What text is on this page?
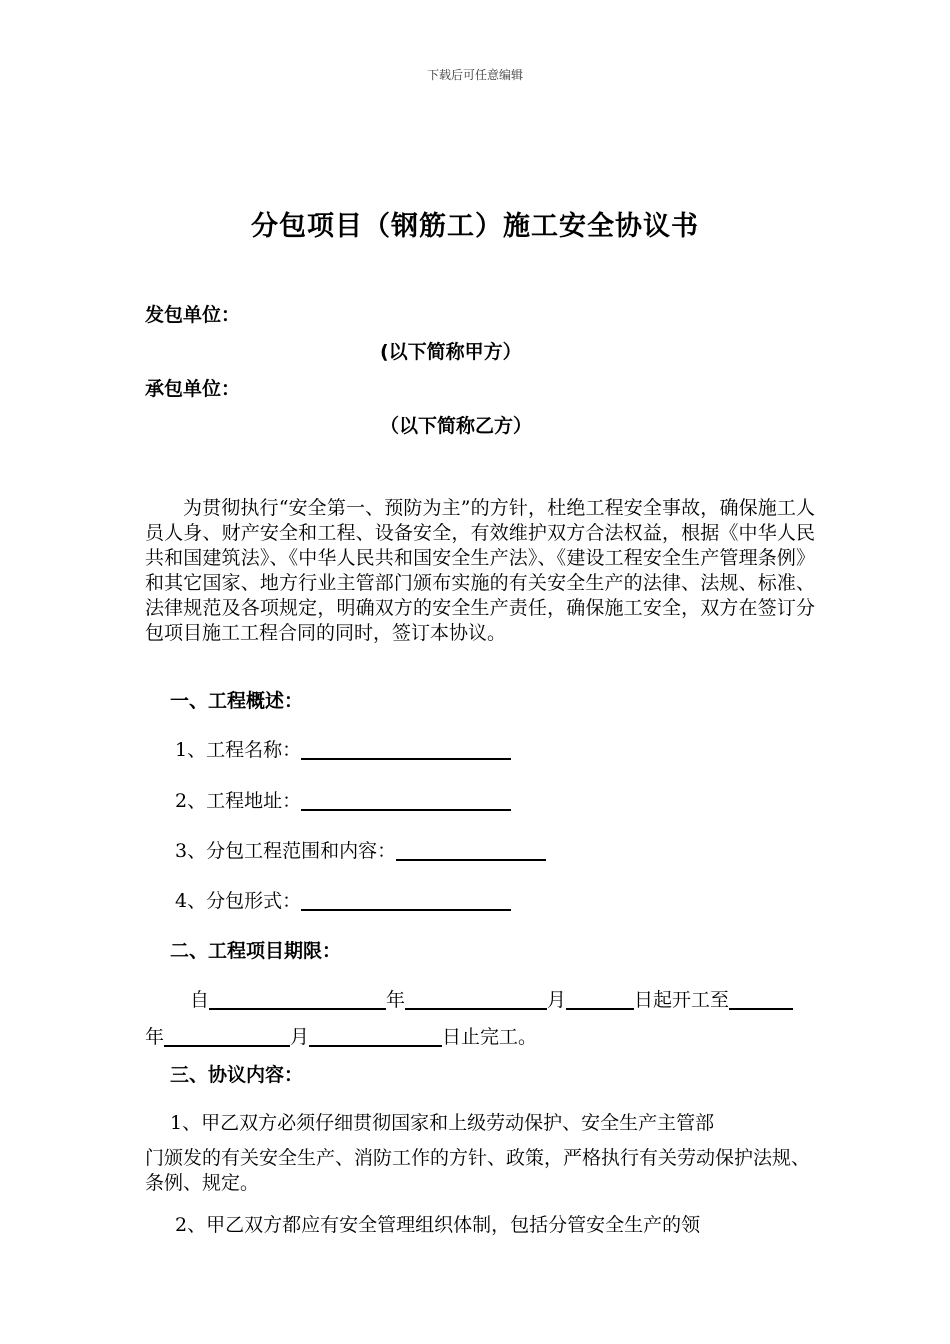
下载后可任意编辑
分包项目（钢筋工）施工安全协议书
发包单位：
(以下简称甲方）
承包单位：
（以下简称乙方）
为贯彻执行“安全第一、预防为主”的方针，杜绝工程安全事故，确保施工人员人身、财产安全和工程、设备安全，有效维护双方合法权益，根据《中华人民共和国建筑法》、《中华人民共和国安全生产法》、《建设工程安全生产管理条例》和其它国家、地方行业主管部门颁布实施的有关安全生产的法律、法规、标准、法律规范及各项规定，明确双方的安全生产责任，确保施工安全，双方在签订分包项目施工工程合同的同时，签订本协议。
一、工程概述：
1、工程名称：
2、工程地址：
3、分包工程范围和内容：
4、分包形式：
二、工程项目期限：
自	年	月	日起开工至
年	月	日止完工。
三、协议内容：
1、甲乙双方必须仔细贯彻国家和上级劳动保护、安全生产主管部
门颁发的有关安全生产、消防工作的方针、政策，严格执行有关劳动保护法规、条例、规定。
2、甲乙双方都应有安全管理组织体制，包括分管安全生产的领
